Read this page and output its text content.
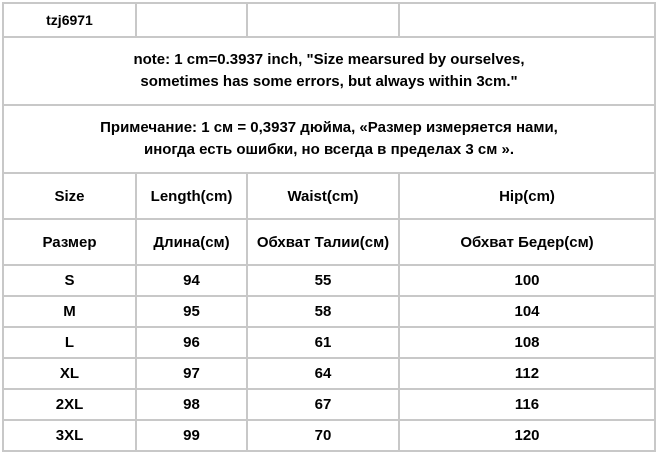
tzj6971			

note: 1 cm=0.3937 inch, "Size mearsured by ourselves,
sometimes has some errors, but always within 3cm."			

Примечание: 1 см = 0,3937 дюйма, «Размер измеряется нами,
иногда есть ошибки, но всегда в пределах 3 см ».			

Size	Length(cm)	Waist(cm)	Hip(cm)
Размер	Длина(см)	Обхват Талии(см)	Обхват Бедер(см)
S	94	55	100
M	95	58	104
L	96	61	108
XL	97	64	112
2XL	98	67	116
3XL	99	70	120
